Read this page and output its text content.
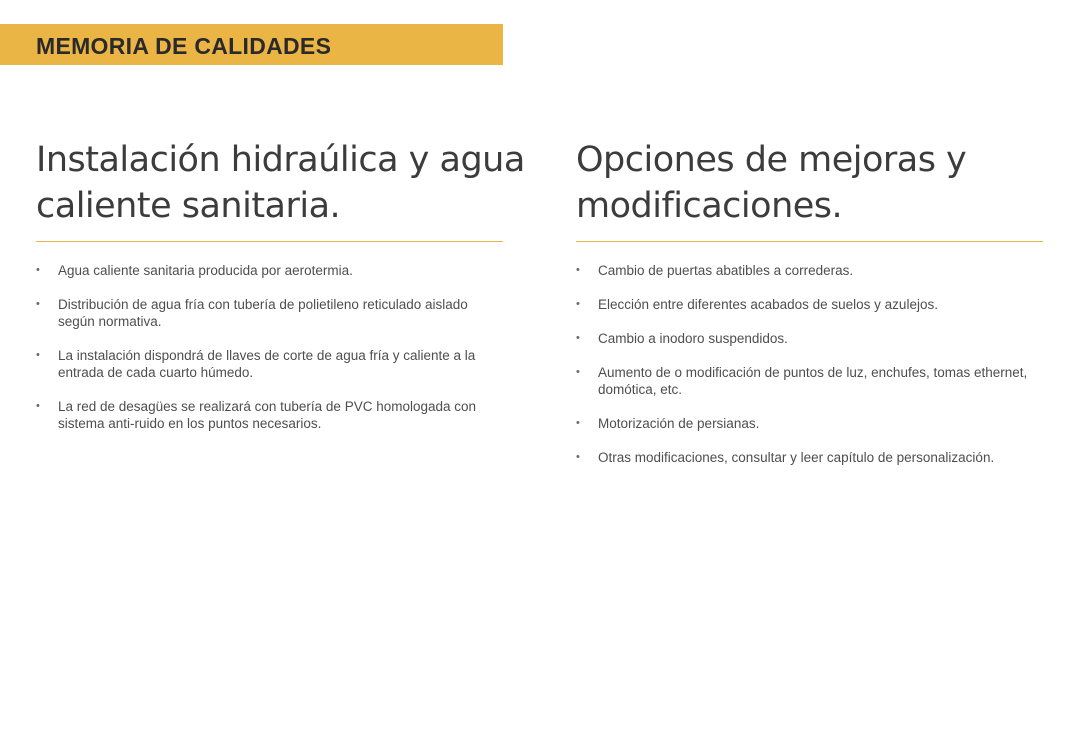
MEMORIA DE CALIDADES
Instalación hidraúlica y agua
caliente sanitaria.
• Agua caliente sanitaria producida por aerotermia.
• Distribución de agua fría con tubería de polietileno reticulado aislado según normativa.
• La instalación dispondrá de llaves de corte de agua fría y caliente a la entrada de cada cuarto húmedo.
• La red de desagües se realizará con tubería de PVC homologada con sistema anti-ruido en los puntos necesarios.
Opciones de mejoras y
modificaciones.
• Cambio de puertas abatibles a correderas.
• Elección entre diferentes acabados de suelos y azulejos.
• Cambio a inodoro suspendidos.
• Aumento de o modificación de puntos de luz, enchufes, tomas ethernet, domótica, etc.
• Motorización de persianas.
• Otras modificaciones, consultar y leer capítulo de personalización.
